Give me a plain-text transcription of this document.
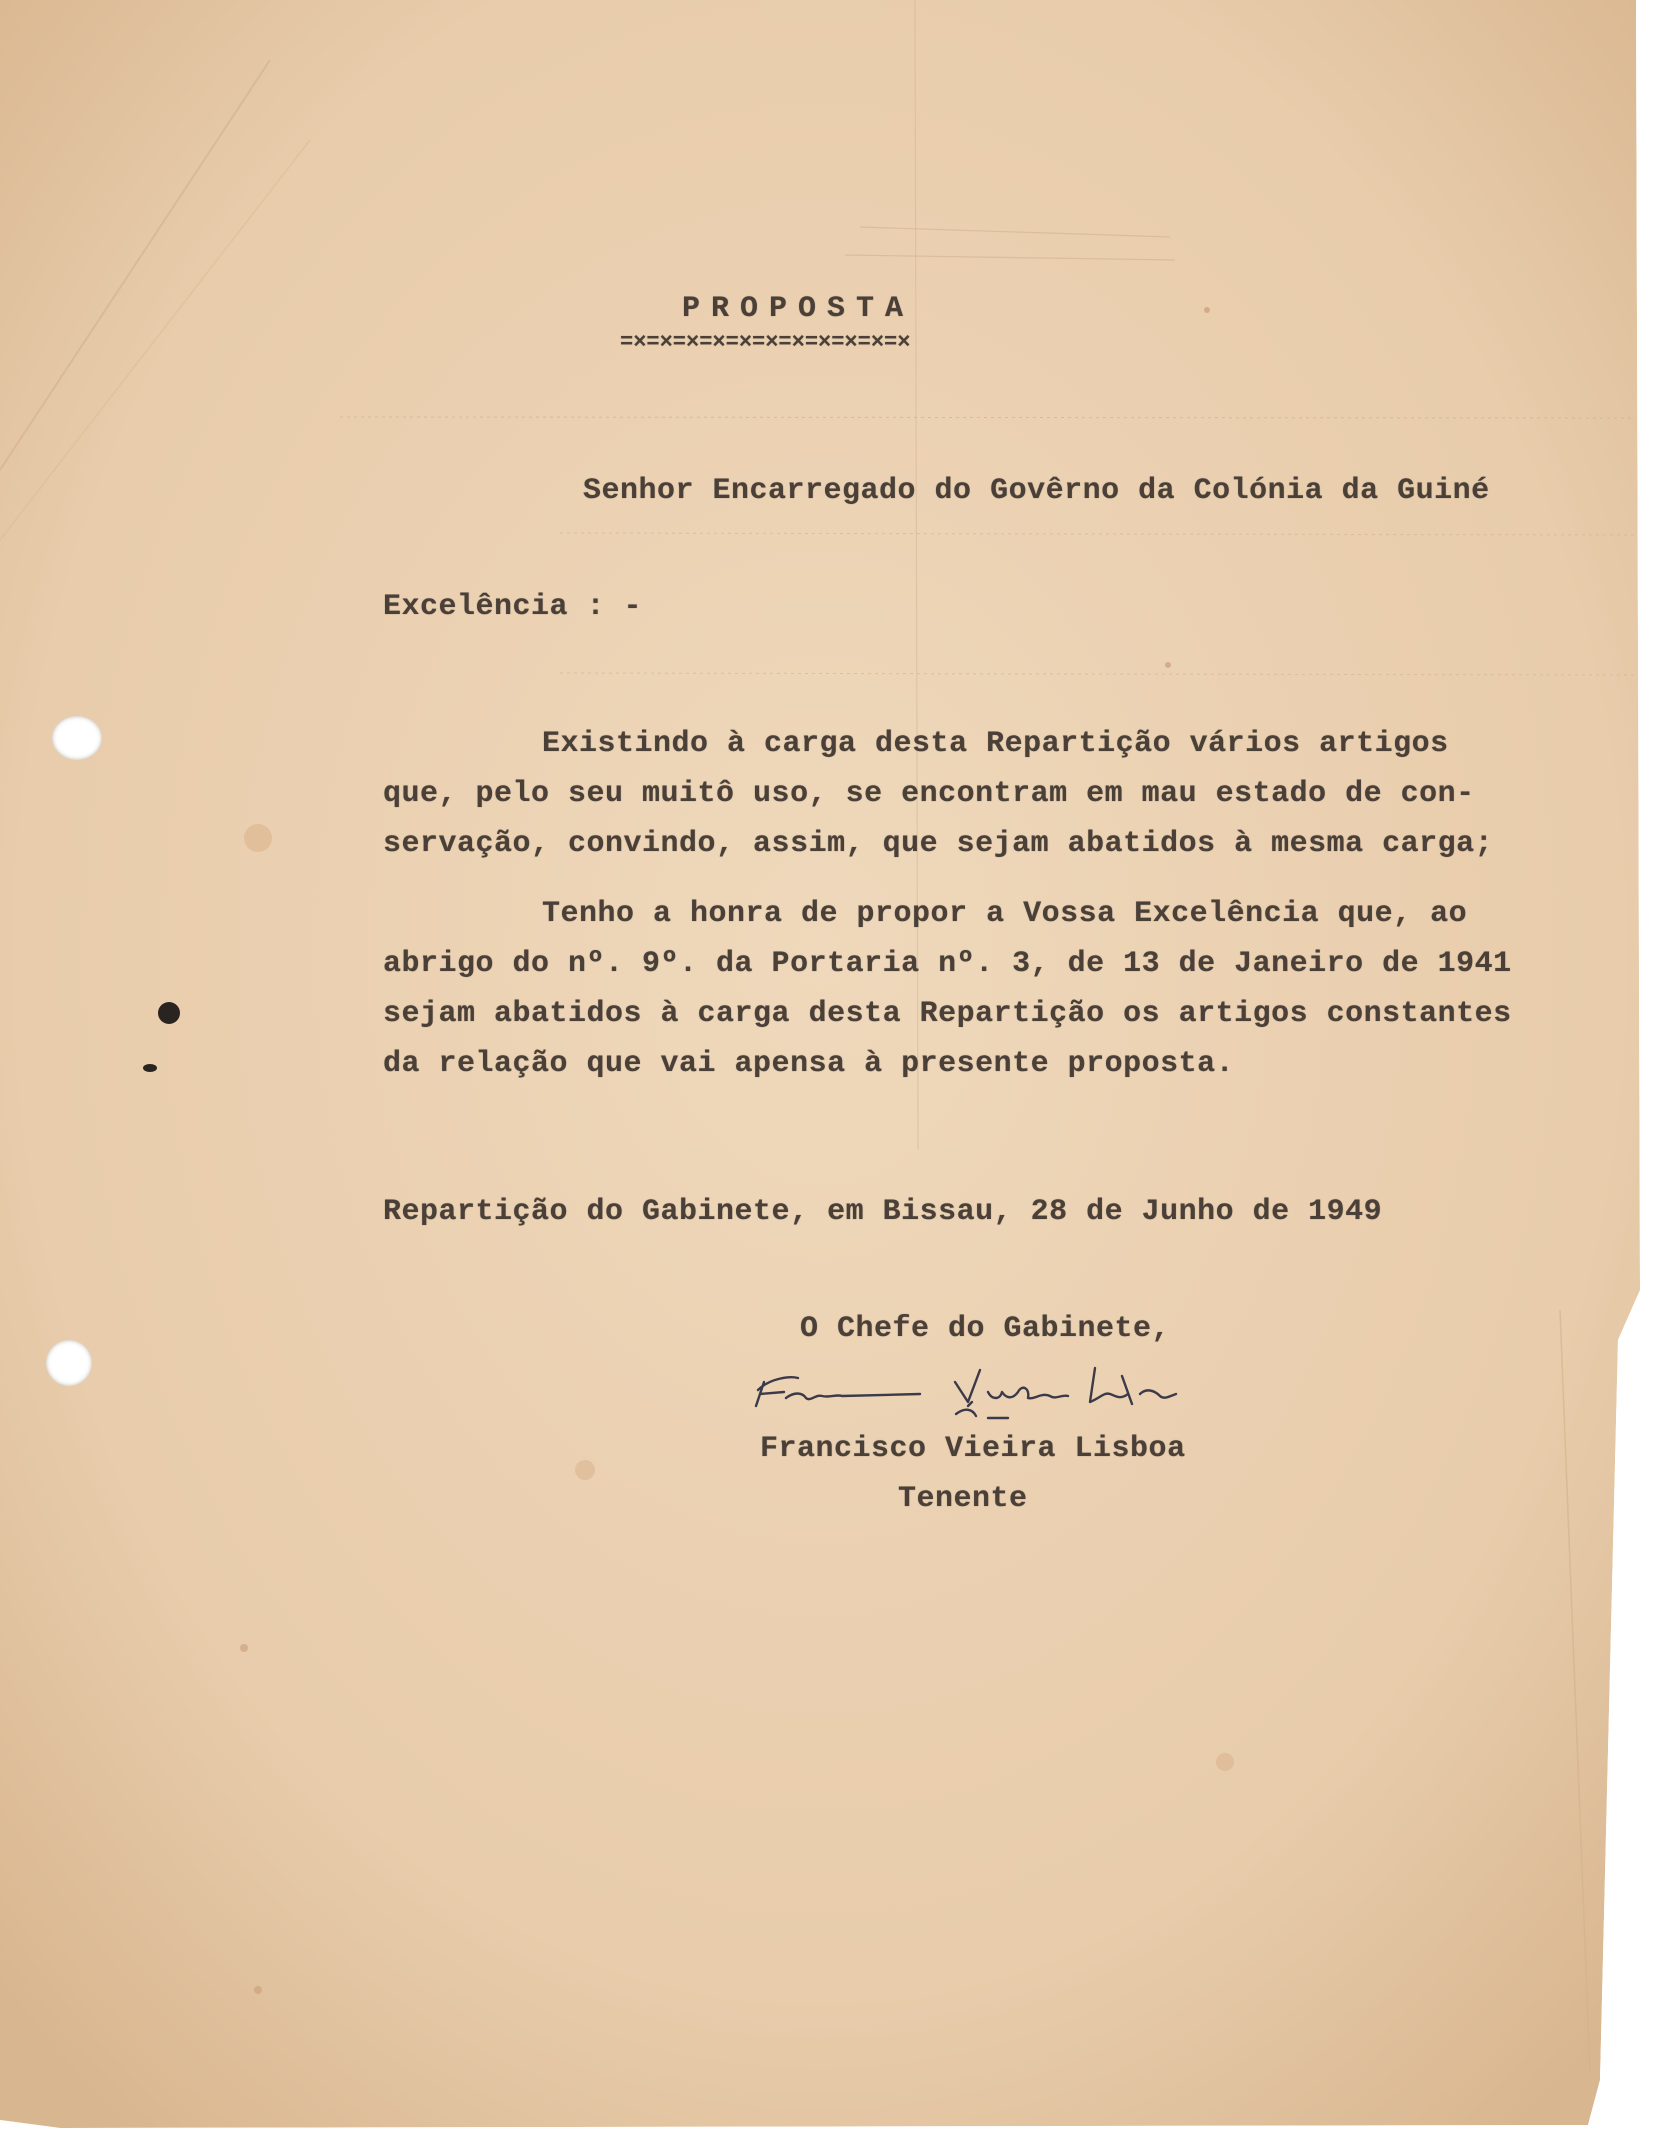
PROPOSTA
=×=×=×=×=×=×=×=×=×=×=×
Senhor Encarregado do Govêrno da Colónia da Guiné
Excelência : -
Existindo à carga desta Repartição vários artigos
que, pelo seu muitô uso, se encontram em mau estado de con-
servação, convindo, assim, que sejam abatidos à mesma carga;
Tenho a honra de propor a Vossa Excelência que, ao
abrigo do nº. 9º. da Portaria nº. 3, de 13 de Janeiro de 1941
sejam abatidos à carga desta Repartição os artigos constantes
da relação que vai apensa à presente proposta.
Repartição do Gabinete, em Bissau, 28 de Junho de 1949
O Chefe do Gabinete,
Francisco Vieira Lisboa
Tenente
